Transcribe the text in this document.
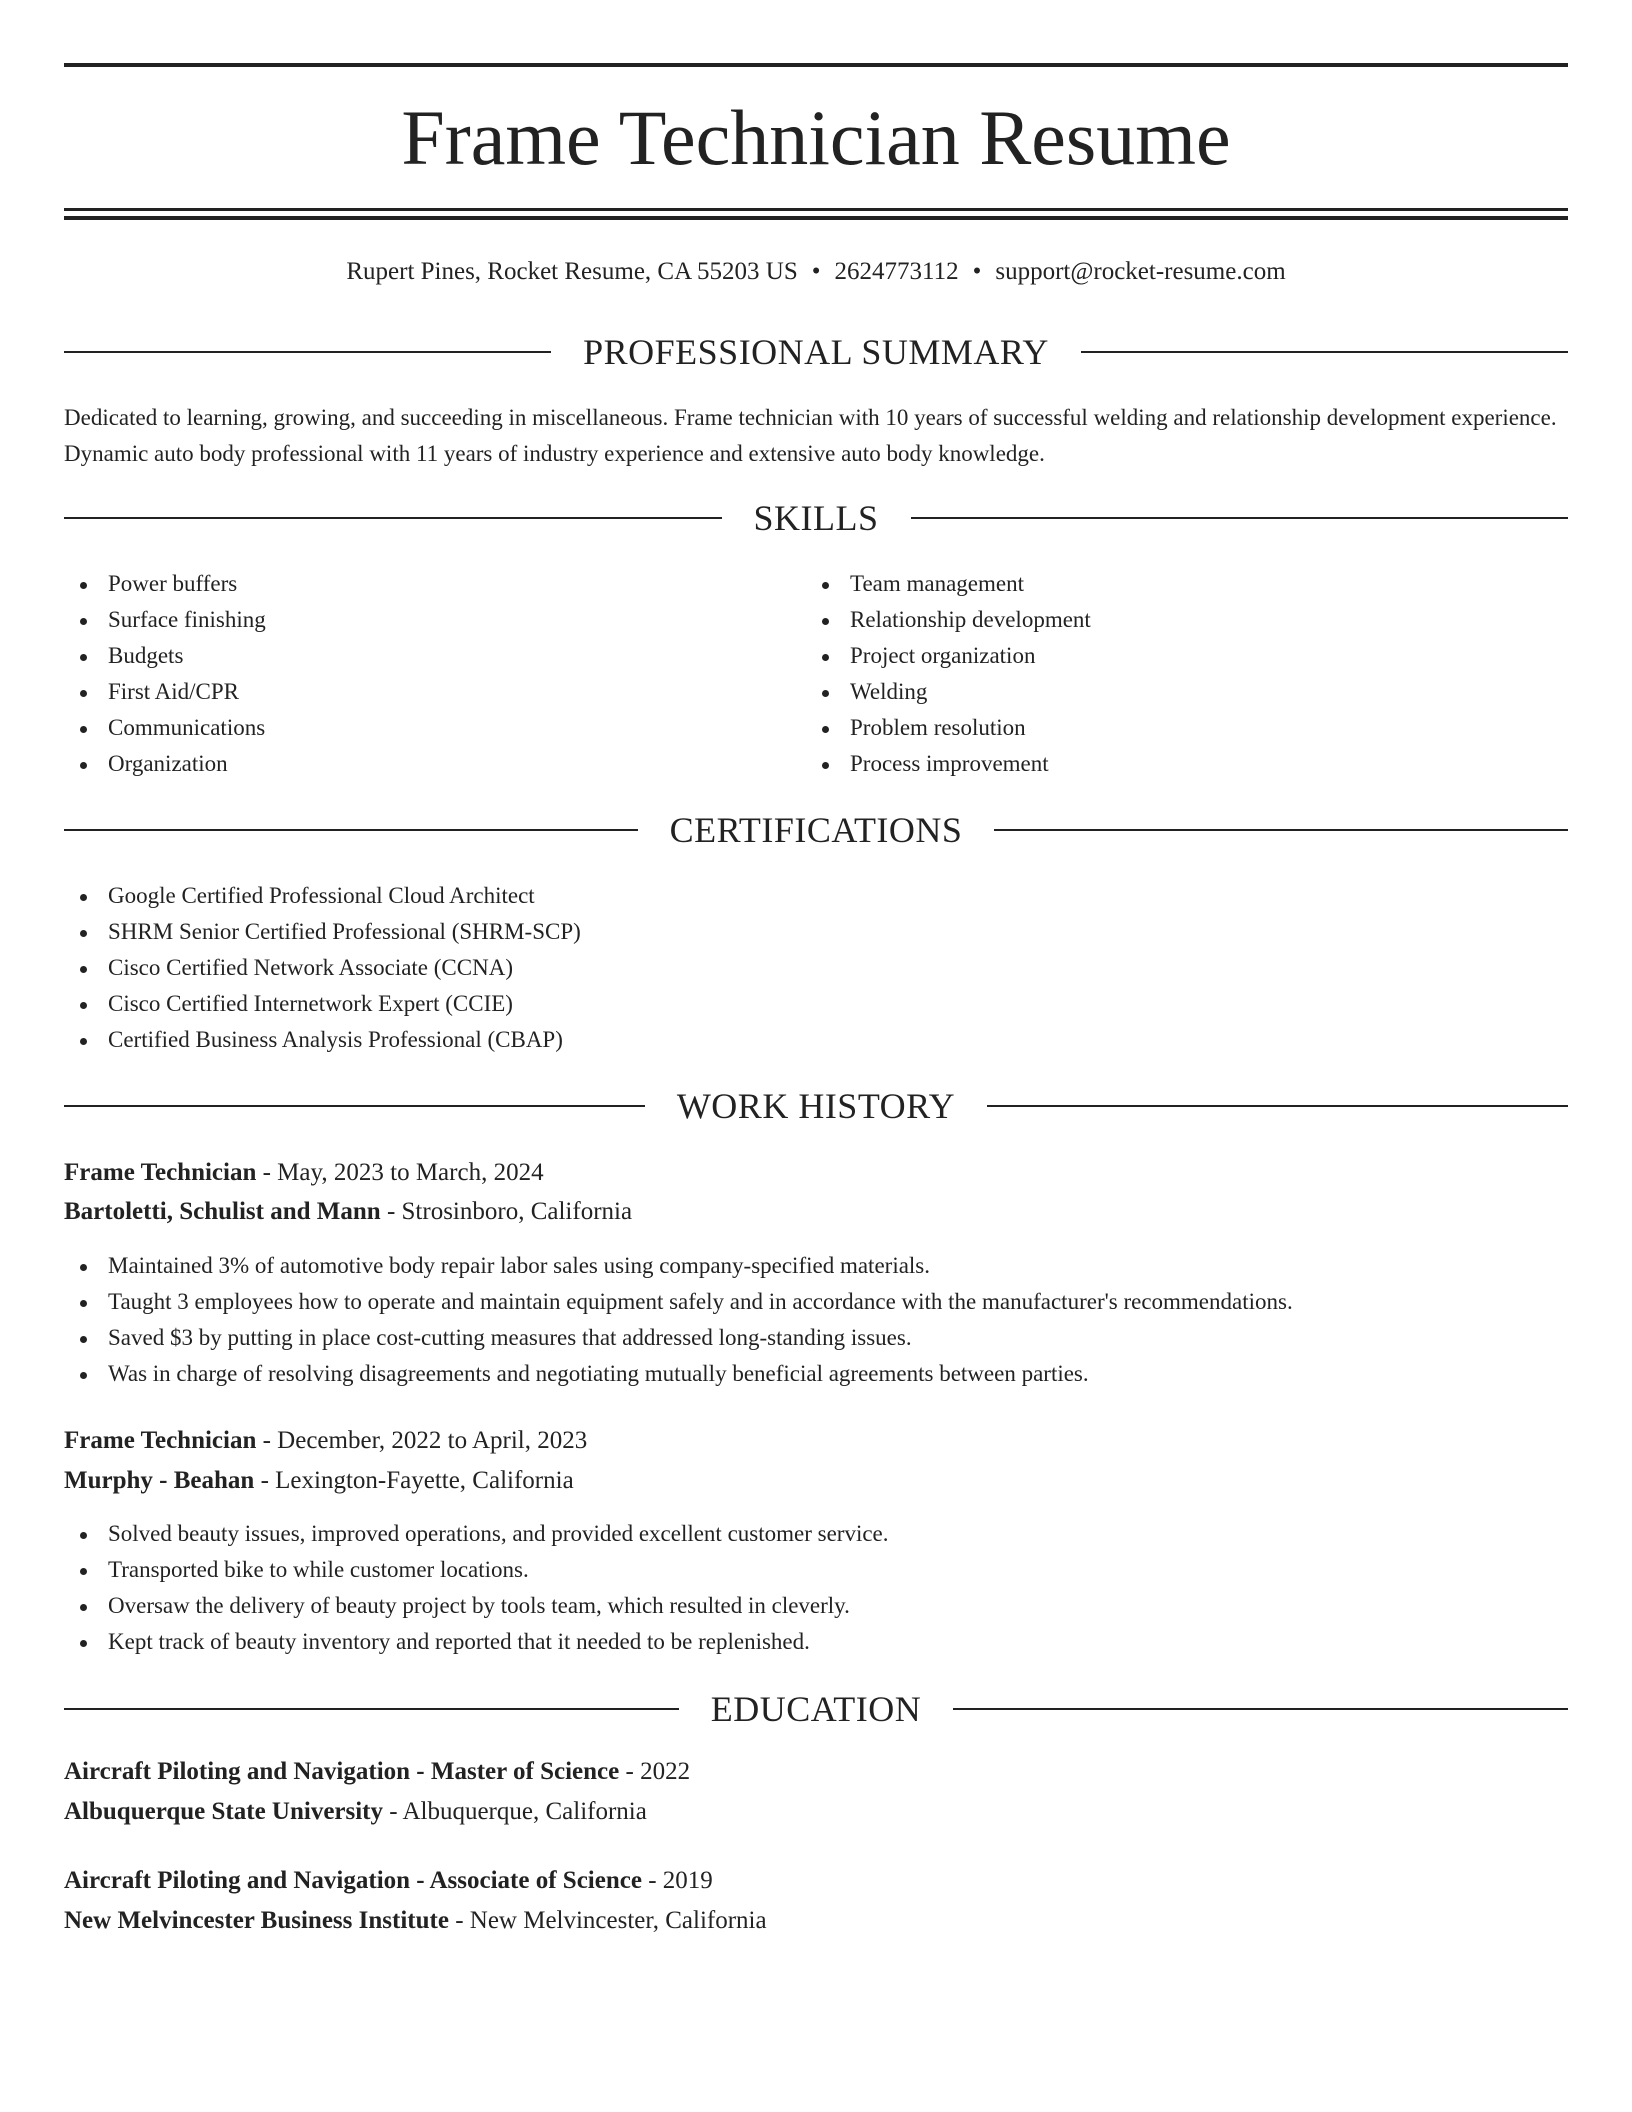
Frame Technician Resume
Rupert Pines, Rocket Resume, CA 55203 US • 2624773112 • support@rocket-resume.com
PROFESSIONAL SUMMARY

Dedicated to learning, growing, and succeeding in miscellaneous. Frame technician with 10 years of successful welding and relationship development experience. Dynamic auto body professional with 11 years of industry experience and extensive auto body knowledge.

SKILLS
Power buffers
Surface finishing
Budgets
First Aid/CPR
Communications
Organization
Team management
Relationship development
Project organization
Welding
Problem resolution
Process improvement
CERTIFICATIONS
Google Certified Professional Cloud Architect
SHRM Senior Certified Professional (SHRM-SCP)
Cisco Certified Network Associate (CCNA)
Cisco Certified Internetwork Expert (CCIE)
Certified Business Analysis Professional (CBAP)
WORK HISTORY
Frame Technician - May, 2023 to March, 2024
Bartoletti, Schulist and Mann - Strosinboro, California
Maintained 3% of automotive body repair labor sales using company-specified materials.
Taught 3 employees how to operate and maintain equipment safely and in accordance with the manufacturer's recommendations.
Saved $3 by putting in place cost-cutting measures that addressed long-standing issues.
Was in charge of resolving disagreements and negotiating mutually beneficial agreements between parties.
Frame Technician - December, 2022 to April, 2023
Murphy - Beahan - Lexington-Fayette, California
Solved beauty issues, improved operations, and provided excellent customer service.
Transported bike to while customer locations.
Oversaw the delivery of beauty project by tools team, which resulted in cleverly.
Kept track of beauty inventory and reported that it needed to be replenished.
EDUCATION
Aircraft Piloting and Navigation - Master of Science - 2022
Albuquerque State University - Albuquerque, California
Aircraft Piloting and Navigation - Associate of Science - 2019
New Melvincester Business Institute - New Melvincester, California
